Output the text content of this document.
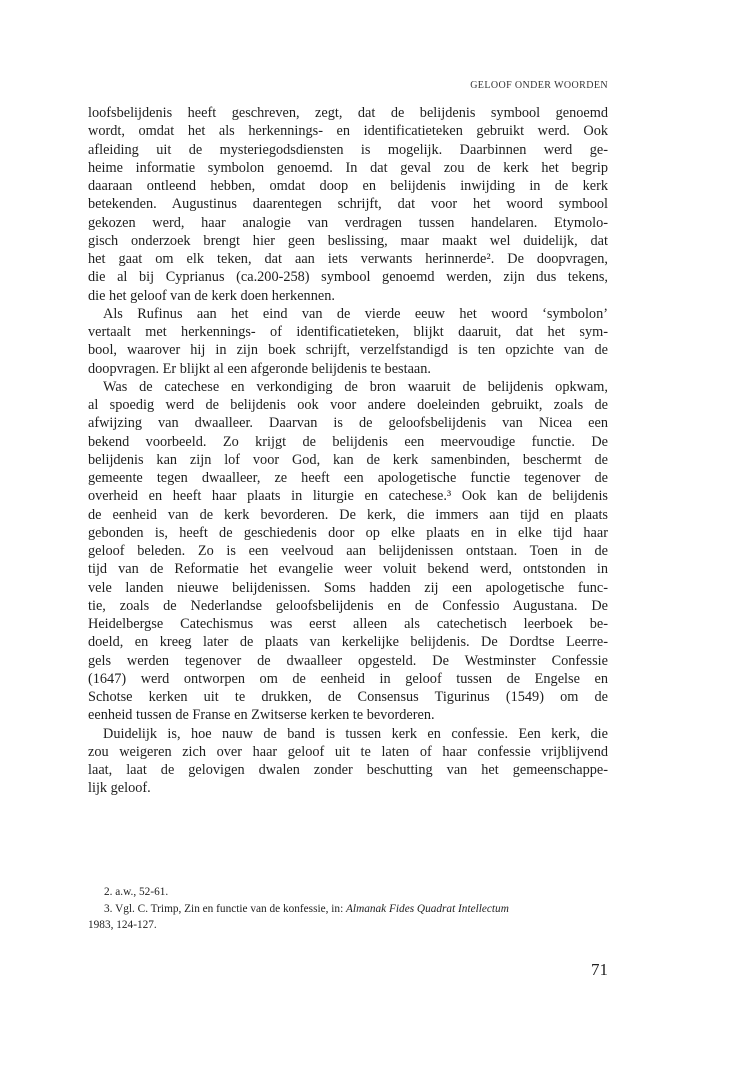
GELOOF ONDER WOORDEN

loofsbelijdenis heeft geschreven, zegt, dat de belijdenis symbool genoemd
wordt, omdat het als herkennings- en identificatieteken gebruikt werd. Ook
afleiding uit de mysteriegodsdiensten is mogelijk. Daarbinnen werd ge-
heime informatie symbolon genoemd. In dat geval zou de kerk het begrip
daaraan ontleend hebben, omdat doop en belijdenis inwijding in de kerk
betekenden. Augustinus daarentegen schrijft, dat voor het woord symbool
gekozen werd, haar analogie van verdragen tussen handelaren. Etymolo-
gisch onderzoek brengt hier geen beslissing, maar maakt wel duidelijk, dat
het gaat om elk teken, dat aan iets verwants herinnerde². De doopvragen,
die al bij Cyprianus (ca.200-258) symbool genoemd werden, zijn dus tekens,
die het geloof van de kerk doen herkennen.

Als Rufinus aan het eind van de vierde eeuw het woord ‘symbolon’
vertaalt met herkennings- of identificatieteken, blijkt daaruit, dat het sym-
bool, waarover hij in zijn boek schrijft, verzelfstandigd is ten opzichte van de
doopvragen. Er blijkt al een afgeronde belijdenis te bestaan.

Was de catechese en verkondiging de bron waaruit de belijdenis opkwam,
al spoedig werd de belijdenis ook voor andere doeleinden gebruikt, zoals de
afwijzing van dwaalleer. Daarvan is de geloofsbelijdenis van Nicea een
bekend voorbeeld. Zo krijgt de belijdenis een meervoudige functie. De
belijdenis kan zijn lof voor God, kan de kerk samenbinden, beschermt de
gemeente tegen dwaalleer, ze heeft een apologetische functie tegenover de
overheid en heeft haar plaats in liturgie en catechese.³ Ook kan de belijdenis
de eenheid van de kerk bevorderen. De kerk, die immers aan tijd en plaats
gebonden is, heeft de geschiedenis door op elke plaats en in elke tijd haar
geloof beleden. Zo is een veelvoud aan belijdenissen ontstaan. Toen in de
tijd van de Reformatie het evangelie weer voluit bekend werd, ontstonden in
vele landen nieuwe belijdenissen. Soms hadden zij een apologetische func-
tie, zoals de Nederlandse geloofsbelijdenis en de Confessio Augustana. De
Heidelbergse Catechismus was eerst alleen als catechetisch leerboek be-
doeld, en kreeg later de plaats van kerkelijke belijdenis. De Dordtse Leerre-
gels werden tegenover de dwaalleer opgesteld. De Westminster Confessie
(1647) werd ontworpen om de eenheid in geloof tussen de Engelse en
Schotse kerken uit te drukken, de Consensus Tigurinus (1549) om de
eenheid tussen de Franse en Zwitserse kerken te bevorderen.

Duidelijk is, hoe nauw de band is tussen kerk en confessie. Een kerk, die
zou weigeren zich over haar geloof uit te laten of haar confessie vrijblijvend
laat, laat de gelovigen dwalen zonder beschutting van het gemeenschappe-
lijk geloof.

2. a.w., 52-61.
3. Vgl. C. Trimp, Zin en functie van de konfessie, in: Almanak Fides Quadrat Intellectum
1983, 124-127.
71
